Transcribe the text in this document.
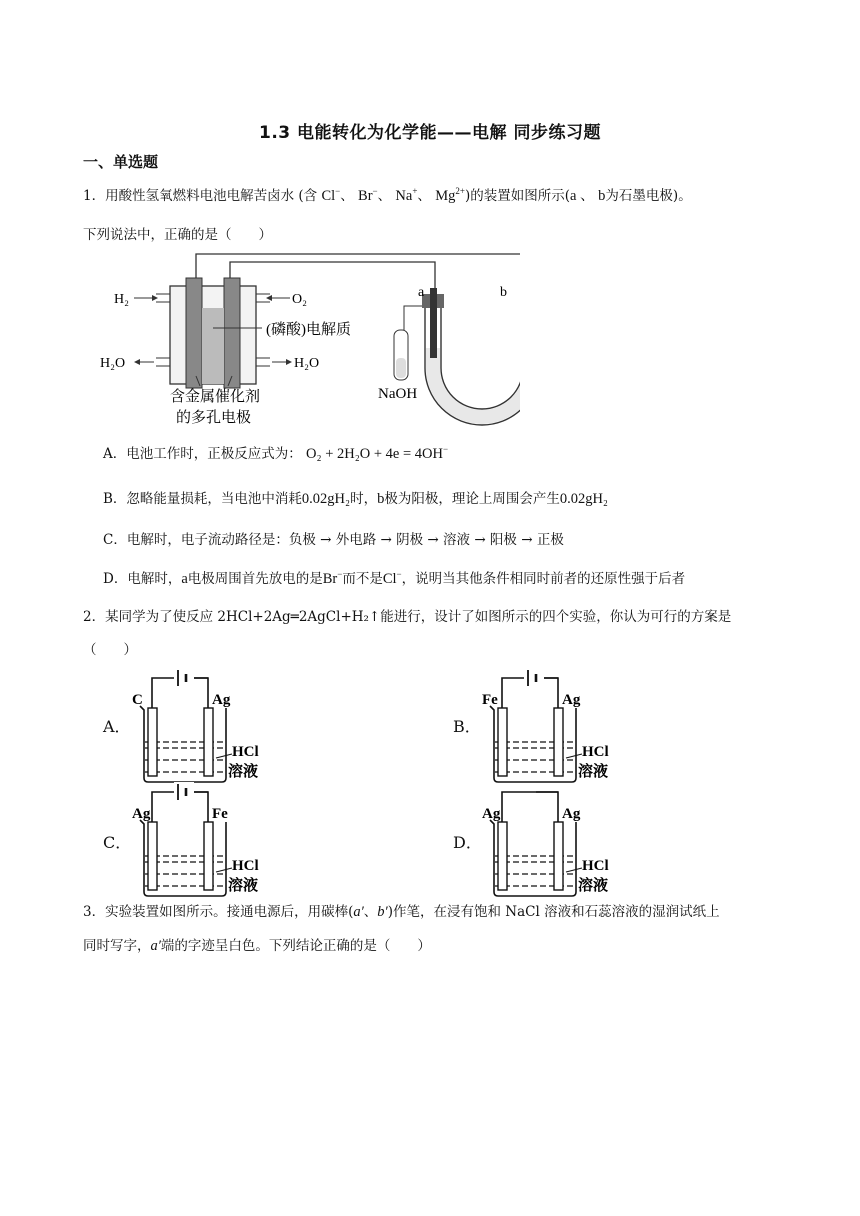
1.3 电能转化为化学能——电解 同步练习题
一、单选题
1．用酸性氢氧燃料电池电解苦卤水 (含 Cl−、 Br−、 Na+、 $Mg^{2+}$)的装置如图所示(a 、 b为石墨电极)。
下列说法中，正确的是（　　）
H₂	O₂
H₂O	H₂O
(磷酸)电解质
含金属催化剂
的多孔电极
a	b
NaOH
A．电池工作时，正极反应式为： O₂ + 2H₂O + 4e = 4OH−
B．忽略能量损耗，当电池中消耗0.02gH₂时，b极为阳极，理论上周围会产生0.02gH₂
C．电解时，电子流动路径是：负极 → 外电路 → 阴极 → 溶液 → 阳极 → 正极
D．电解时，a电极周围首先放电的是Br−而不是Cl−，说明当其他条件相同时前者的还原性强于后者
2．某同学为了使反应 2HCl+2Ag═2AgCl+H₂↑能进行，设计了如图所示的四个实验，你认为可行的方案是
（　　）
A．	B．
C．	D．
C	Ag
HCl
溶液
Fe	Ag
HCl
溶液
Ag	Fe
HCl
溶液
Ag	Ag
HCl
溶液
3．实验装置如图所示。接通电源后，用碳棒(a′、b′)作笔，在浸有饱和 NaCl 溶液和石蕊溶液的湿润试纸上
同时写字，a′端的字迹呈白色。下列结论正确的是（　　）
